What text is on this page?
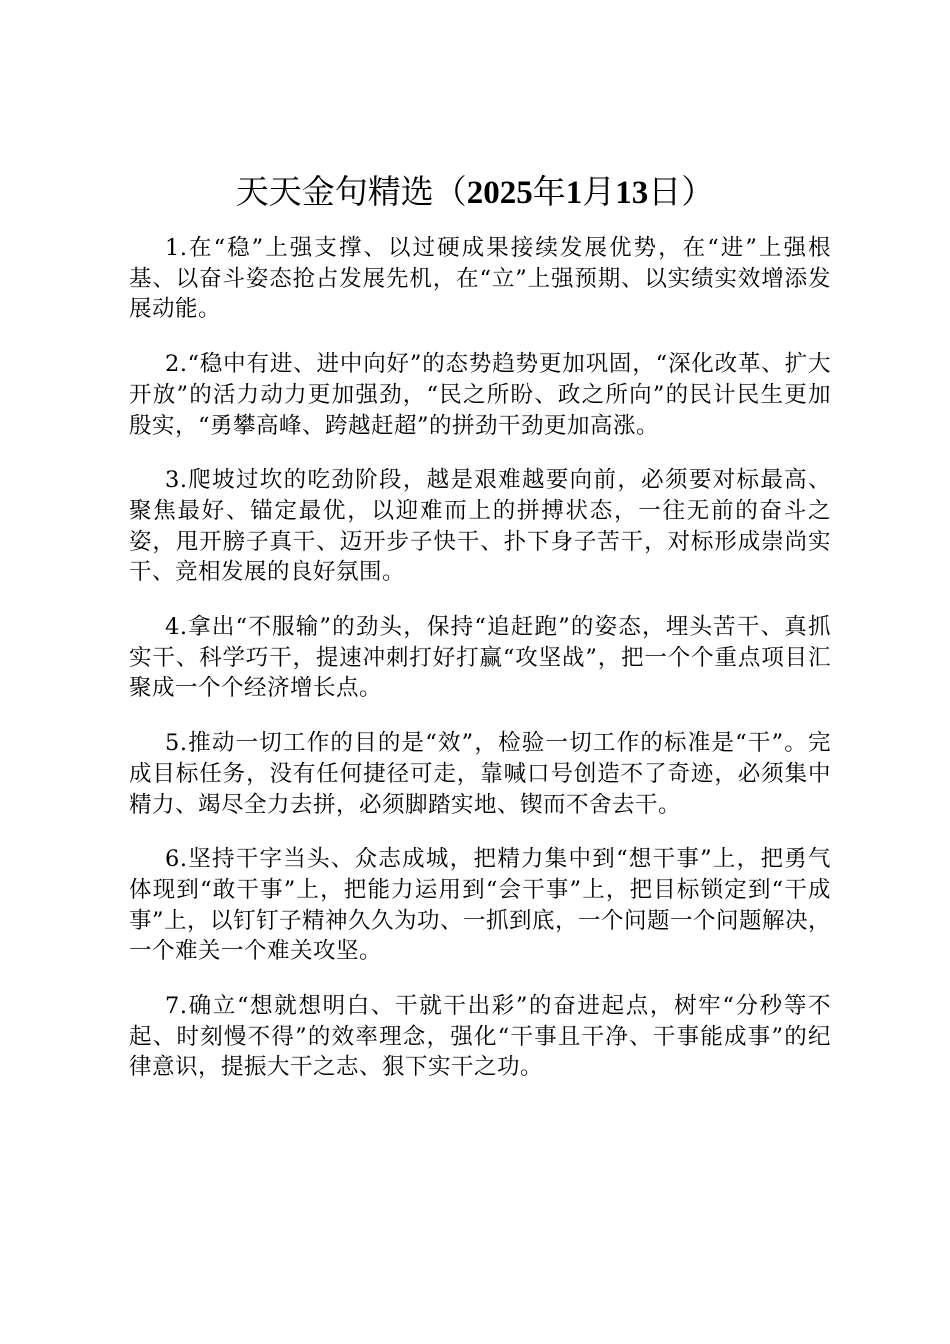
天天金句精选（2025年1月13日）

1.在“稳”上强支撑、以过硬成果接续发展优势，在“进”上强根基、以奋斗姿态抢占发展先机，在“立”上强预期、以实绩实效增添发展动能。

2.“稳中有进、进中向好”的态势趋势更加巩固，“深化改革、扩大开放”的活力动力更加强劲，“民之所盼、政之所向”的民计民生更加殷实，“勇攀高峰、跨越赶超”的拼劲干劲更加高涨。

3.爬坡过坎的吃劲阶段，越是艰难越要向前，必须要对标最高、聚焦最好、锚定最优，以迎难而上的拼搏状态，一往无前的奋斗之姿，甩开膀子真干、迈开步子快干、扑下身子苦干，对标形成崇尚实干、竞相发展的良好氛围。

4.拿出“不服输”的劲头，保持“追赶跑”的姿态，埋头苦干、真抓实干、科学巧干，提速冲刺打好打赢“攻坚战”，把一个个重点项目汇聚成一个个经济增长点。

5.推动一切工作的目的是“效”，检验一切工作的标准是“干”。完成目标任务，没有任何捷径可走，靠喊口号创造不了奇迹，必须集中精力、竭尽全力去拼，必须脚踏实地、锲而不舍去干。

6.坚持干字当头、众志成城，把精力集中到“想干事”上，把勇气体现到“敢干事”上，把能力运用到“会干事”上，把目标锁定到“干成事”上，以钉钉子精神久久为功、一抓到底，一个问题一个问题解决，一个难关一个难关攻坚。

7.确立“想就想明白、干就干出彩”的奋进起点，树牢“分秒等不起、时刻慢不得”的效率理念，强化“干事且干净、干事能成事”的纪律意识，提振大干之志、狠下实干之功。
